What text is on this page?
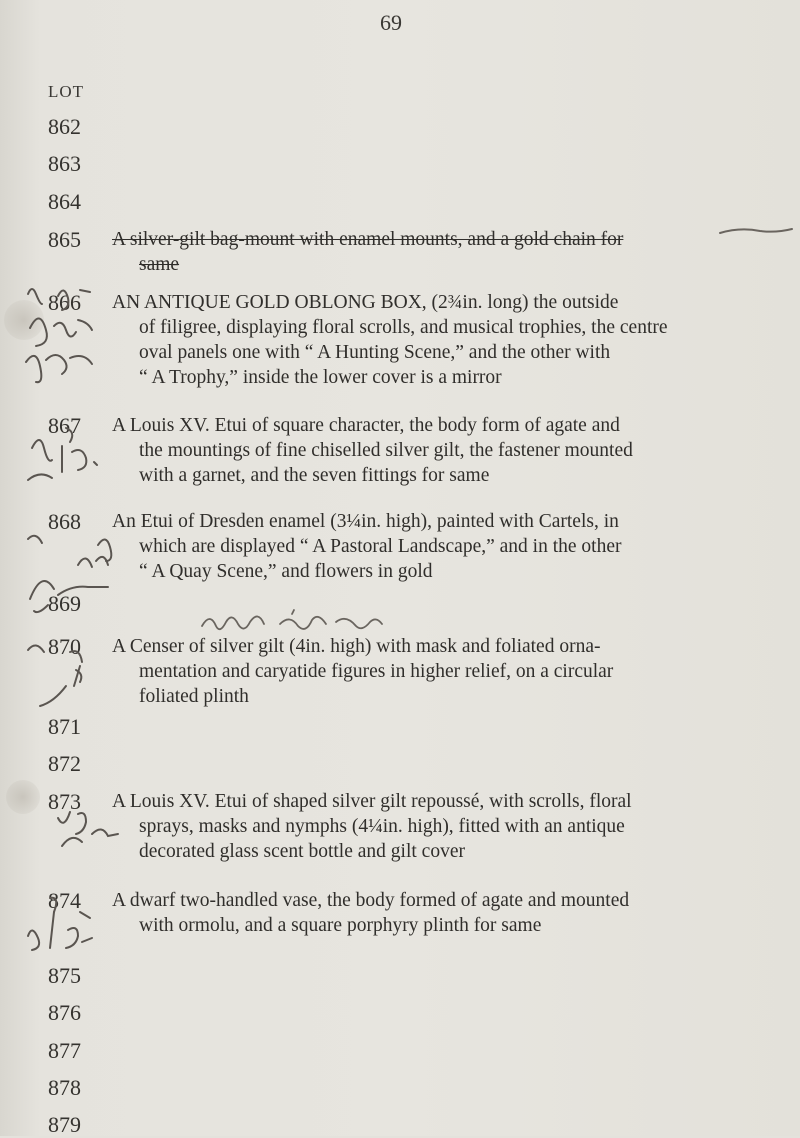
69
LOT
862
863
864
865
866
867
868
869
870
871
872
873
874
875
876
877
878
879
A silver-gilt bag-mount with enamel mounts, and a gold chain for
same
AN ANTIQUE GOLD OBLONG BOX, (2¾in. long) the outside
of filigree, displaying floral scrolls, and musical trophies, the centre
oval panels one with “ A Hunting Scene,” and the other with
“ A Trophy,” inside the lower cover is a mirror
A Louis XV. Etui of square character, the body form of agate and
the mountings of fine chiselled silver gilt, the fastener mounted
with a garnet, and the seven fittings for same
An Etui of Dresden enamel (3¼in. high), painted with Cartels, in
which are displayed “ A Pastoral Landscape,” and in the other
“ A Quay Scene,” and flowers in gold
A Censer of silver gilt (4in. high) with mask and foliated orna-
mentation and caryatide figures in higher relief, on a circular
foliated plinth
A Louis XV. Etui of shaped silver gilt repoussé, with scrolls, floral
sprays, masks and nymphs (4¼in. high), fitted with an antique
decorated glass scent bottle and gilt cover
A dwarf two-handled vase, the body formed of agate and mounted
with ormolu, and a square porphyry plinth for same
